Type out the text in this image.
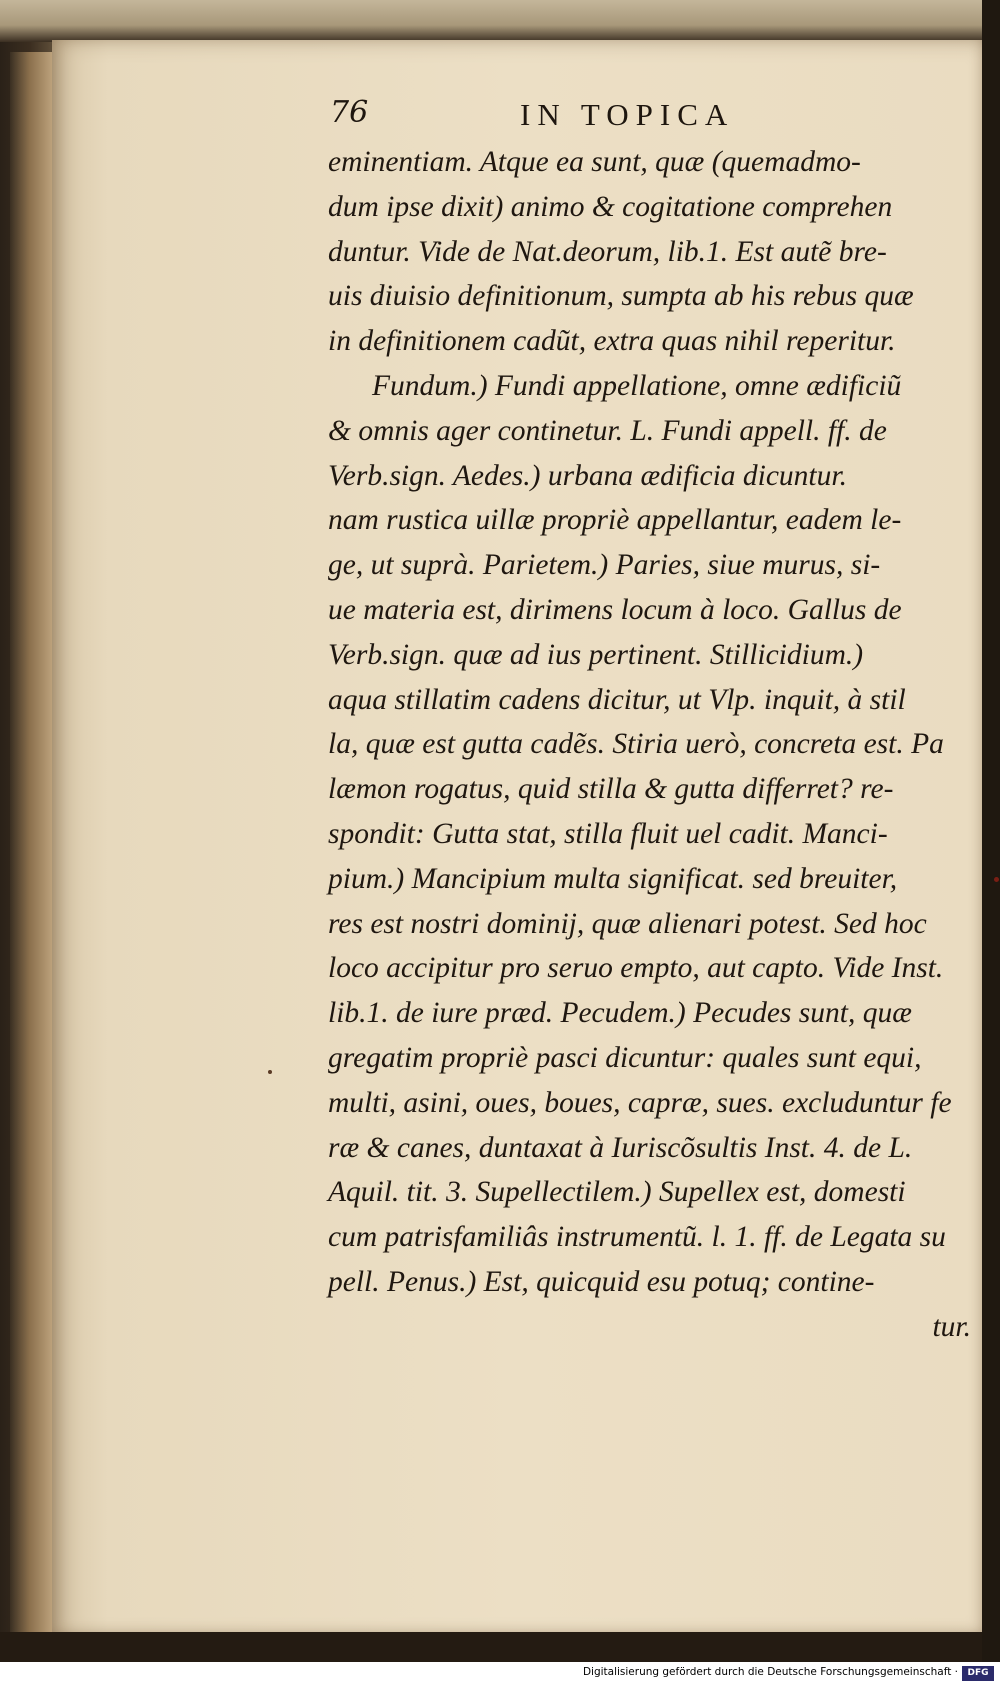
76	IN TOPICA
eminentiam. Atque ea sunt, quæ (quemadmo-
dum ipse dixit) animo & cogitatione comprehen
duntur. Vide de Nat.deorum, lib.1. Est autẽ bre-
uis diuisio definitionum, sumpta ab his rebus quæ
in definitionem cadũt, extra quas nihil reperitur.
Fundum.) Fundi appellatione, omne ædificiũ
& omnis ager continetur. L. Fundi appell. ff. de
Verb.sign. Aedes.) urbana ædificia dicuntur.
nam rustica uillæ propriè appellantur, eadem le-
ge, ut suprà. Parietem.) Paries, siue murus, si-
ue materia est, dirimens locum à loco. Gallus de
Verb.sign. quæ ad ius pertinent. Stillicidium.)
aqua stillatim cadens dicitur, ut Vlp. inquit, à stil
la, quæ est gutta cadẽs. Stiria uerò, concreta est. Pa
læmon rogatus, quid stilla & gutta differret? re-
spondit: Gutta stat, stilla fluit uel cadit. Manci-
pium.) Mancipium multa significat. sed breuiter,
res est nostri dominij, quæ alienari potest. Sed hoc
loco accipitur pro seruo empto, aut capto. Vide Inst.
lib.1. de iure præd. Pecudem.) Pecudes sunt, quæ
gregatim propriè pasci dicuntur: quales sunt equi,
multi, asini, oues, boues, capræ, sues. excluduntur fe
ræ & canes, duntaxat à Iuriscõsultis Inst. 4. de L.
Aquil. tit. 3. Supellectilem.) Supellex est, domesti
cum patrisfamiliâs instrumentũ. l. 1. ff. de Legata su
pell. Penus.) Est, quicquid esu potuq; contine-
tur.
Digitalisierung gefördert durch die Deutsche Forschungsgemeinschaft ·	DFG
